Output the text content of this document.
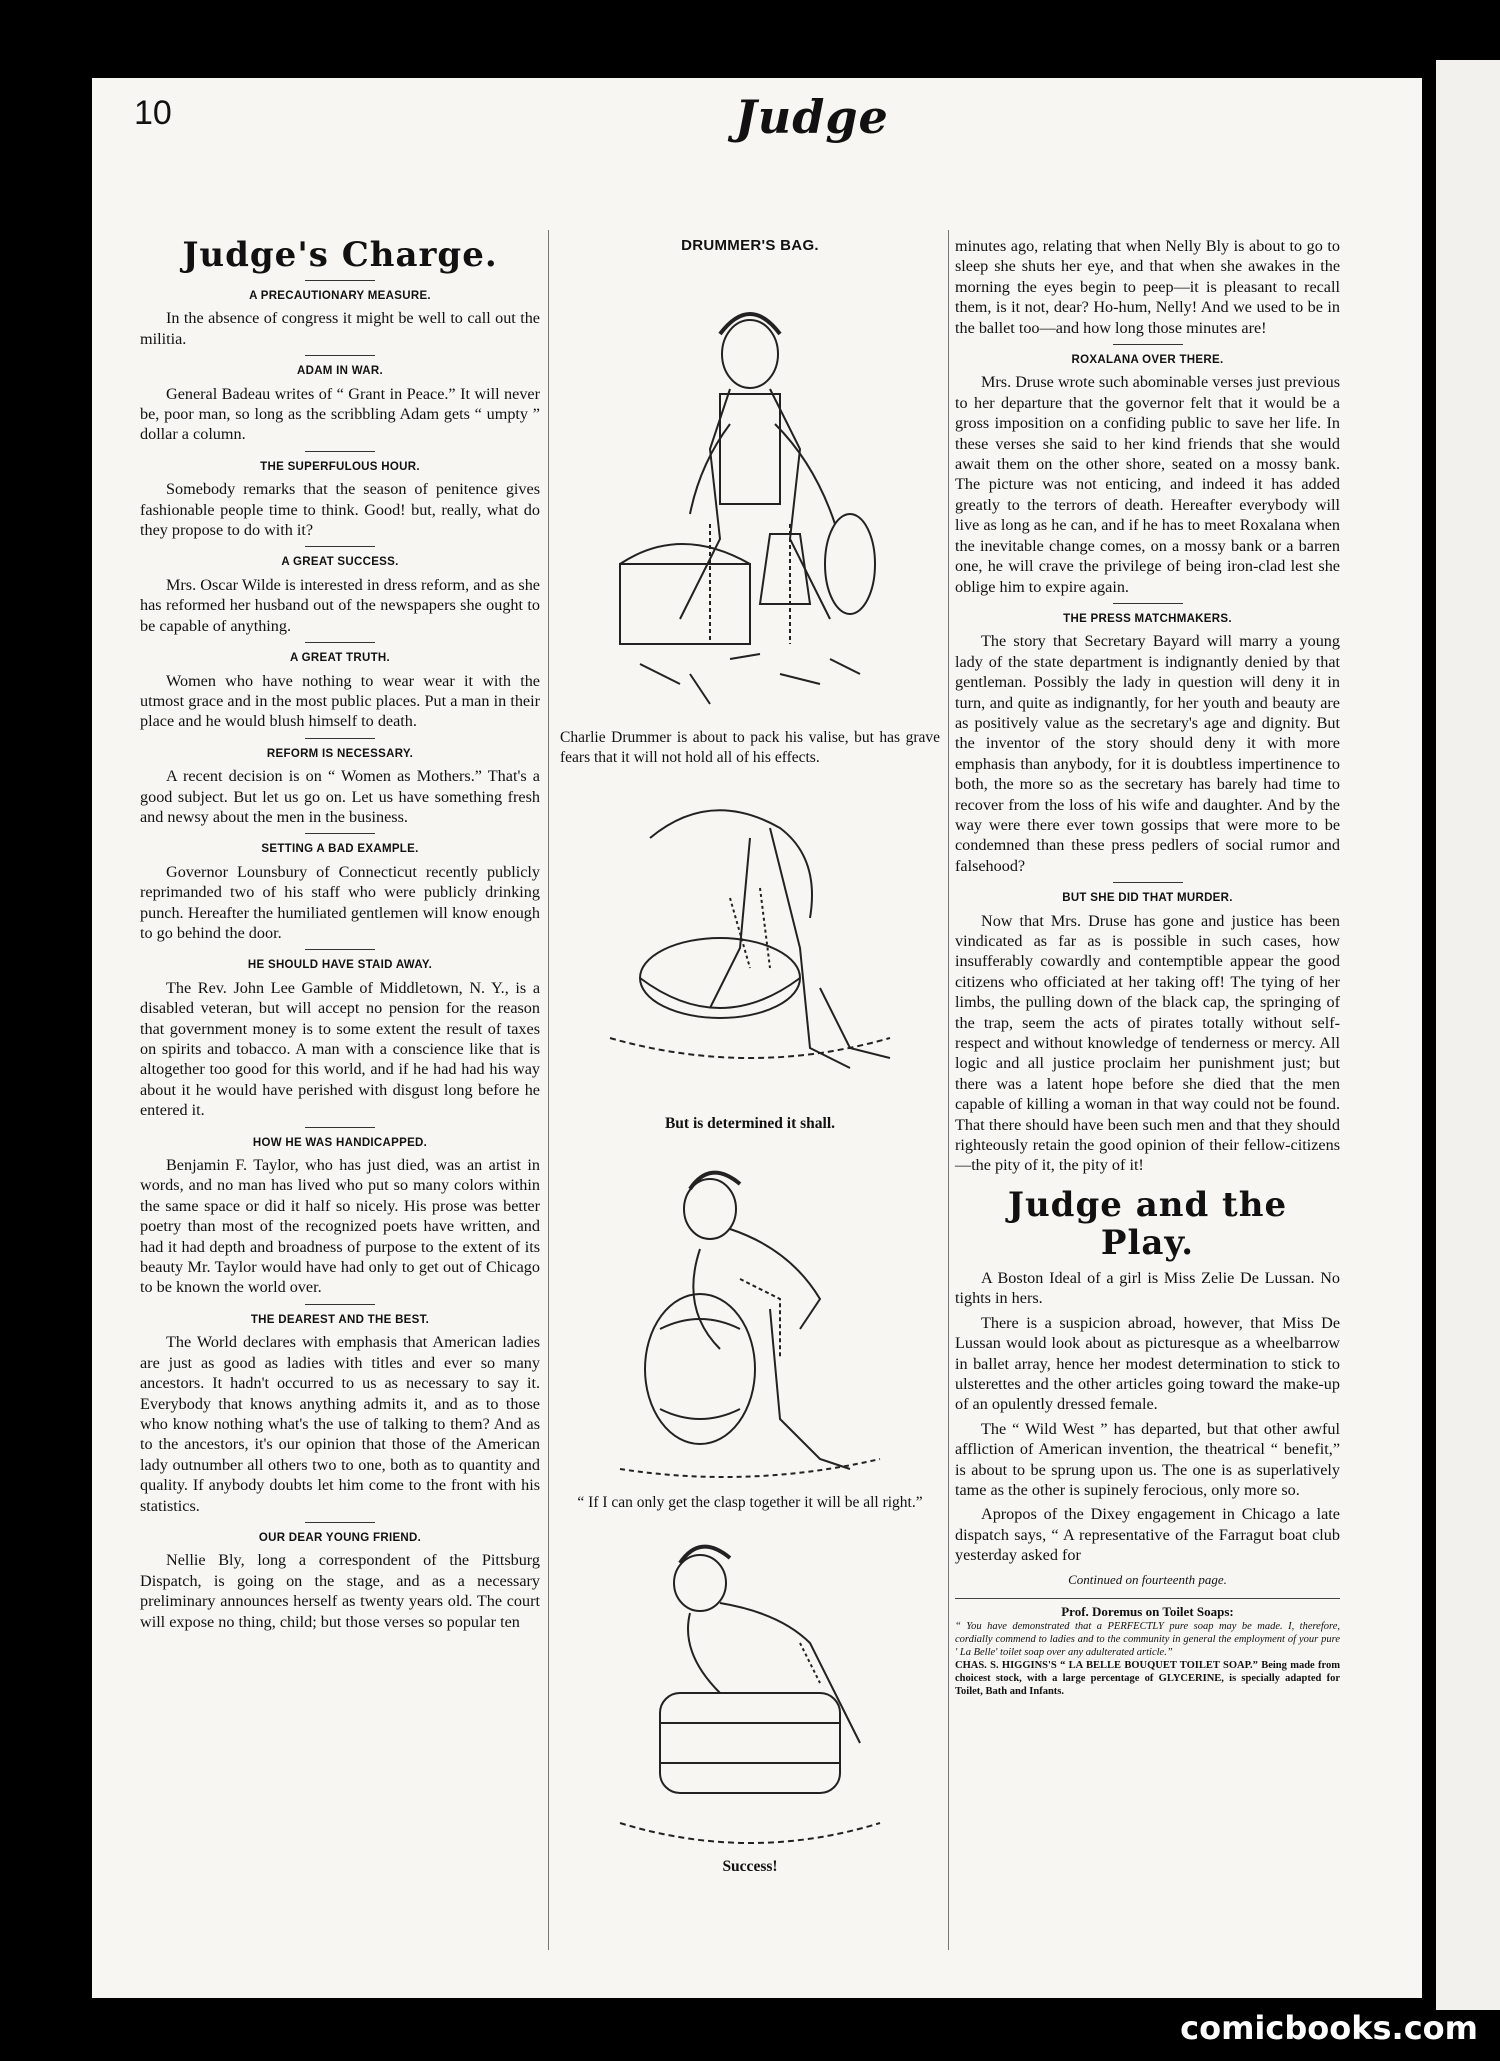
10	Judge
Judge's Charge.
A PRECAUTIONARY MEASURE.

In the absence of congress it might be well to call out the militia.

ADAM IN WAR.

General Badeau writes of “ Grant in Peace.” It will never be, poor man, so long as the scribbling Adam gets “ umpty ” dollar a column.

THE SUPERFULOUS HOUR.

Somebody remarks that the season of penitence gives fashionable people time to think. Good! but, really, what do they propose to do with it?

A GREAT SUCCESS.

Mrs. Oscar Wilde is interested in dress reform, and as she has reformed her husband out of the newspapers she ought to be capable of anything.

A GREAT TRUTH.

Women who have nothing to wear wear it with the utmost grace and in the most public places. Put a man in their place and he would blush himself to death.

REFORM IS NECESSARY.

A recent decision is on “ Women as Mothers.” That's a good subject. But let us go on. Let us have something fresh and newsy about the men in the business.

SETTING A BAD EXAMPLE.

Governor Lounsbury of Connecticut recently publicly reprimanded two of his staff who were publicly drinking punch. Hereafter the humiliated gentlemen will know enough to go behind the door.

HE SHOULD HAVE STAID AWAY.

The Rev. John Lee Gamble of Middletown, N. Y., is a disabled veteran, but will accept no pension for the reason that government money is to some extent the result of taxes on spirits and tobacco. A man with a conscience like that is altogether too good for this world, and if he had had his way about it he would have perished with disgust long before he entered it.

HOW HE WAS HANDICAPPED.

Benjamin F. Taylor, who has just died, was an artist in words, and no man has lived who put so many colors within the same space or did it half so nicely. His prose was better poetry than most of the recognized poets have written, and had it had depth and broadness of purpose to the extent of its beauty Mr. Taylor would have had only to get out of Chicago to be known the world over.

THE DEAREST AND THE BEST.

The World declares with emphasis that American ladies are just as good as ladies with titles and ever so many ancestors. It hadn't occurred to us as necessary to say it. Everybody that knows anything admits it, and as to those who know nothing what's the use of talking to them? And as to the ancestors, it's our opinion that those of the American lady outnumber all others two to one, both as to quantity and quality. If anybody doubts let him come to the front with his statistics.

OUR DEAR YOUNG FRIEND.

Nellie Bly, long a correspondent of the Pittsburg Dispatch, is going on the stage, and as a necessary preliminary announces herself as twenty years old. The court will expose no thing, child; but those verses so popular ten

DRUMMER'S BAG.
Charlie Drummer is about to pack his valise, but has grave fears that it will not hold all of his effects.
But is determined it shall.
“ If I can only get the clasp together it will be all right.”
Success!

minutes ago, relating that when Nelly Bly is about to go to sleep she shuts her eye, and that when she awakes in the morning the eyes begin to peep—it is pleasant to recall them, is it not, dear? Ho-hum, Nelly! And we used to be in the ballet too—and how long those minutes are!

ROXALANA OVER THERE.

Mrs. Druse wrote such abominable verses just previous to her departure that the governor felt that it would be a gross imposition on a confiding public to save her life. In these verses she said to her kind friends that she would await them on the other shore, seated on a mossy bank. The picture was not enticing, and indeed it has added greatly to the terrors of death. Hereafter everybody will live as long as he can, and if he has to meet Roxalana when the inevitable change comes, on a mossy bank or a barren one, he will crave the privilege of being iron-clad lest she oblige him to expire again.

THE PRESS MATCHMAKERS.

The story that Secretary Bayard will marry a young lady of the state department is indignantly denied by that gentleman. Possibly the lady in question will deny it in turn, and quite as indignantly, for her youth and beauty are as positively value as the secretary's age and dignity. But the inventor of the story should deny it with more emphasis than anybody, for it is doubtless impertinence to both, the more so as the secretary has barely had time to recover from the loss of his wife and daughter. And by the way were there ever town gossips that were more to be condemned than these press pedlers of social rumor and falsehood?

BUT SHE DID THAT MURDER.

Now that Mrs. Druse has gone and justice has been vindicated as far as is possible in such cases, how insufferably cowardly and contemptible appear the good citizens who officiated at her taking off! The tying of her limbs, the pulling down of the black cap, the springing of the trap, seem the acts of pirates totally without self-respect and without knowledge of tenderness or mercy. All logic and all justice proclaim her punishment just; but there was a latent hope before she died that the men capable of killing a woman in that way could not be found. That there should have been such men and that they should righteously retain the good opinion of their fellow-citizens—the pity of it, the pity of it!

Judge and the Play.

A Boston Ideal of a girl is Miss Zelie De Lussan. No tights in hers.

There is a suspicion abroad, however, that Miss De Lussan would look about as picturesque as a wheelbarrow in ballet array, hence her modest determination to stick to ulsterettes and the other articles going toward the make-up of an opulently dressed female.

The “ Wild West ” has departed, but that other awful affliction of American invention, the theatrical “ benefit,” is about to be sprung upon us. The one is as superlatively tame as the other is supinely ferocious, only more so.

Apropos of the Dixey engagement in Chicago a late dispatch says, “ A representative of the Farragut boat club yesterday asked for

Continued on fourteenth page.
Prof. Doremus on Toilet Soaps:
“ You have demonstrated that a PERFECTLY pure soap may be made. I, therefore, cordially commend to ladies and to the community in general the employment of your pure ' La Belle' toilet soap over any adulterated article.”
CHAS. S. HIGGINS'S “ LA BELLE BOUQUET TOILET SOAP.” Being made from choicest stock, with a large percentage of GLYCERINE, is specially adapted for Toilet, Bath and Infants.
comicbooks.com
